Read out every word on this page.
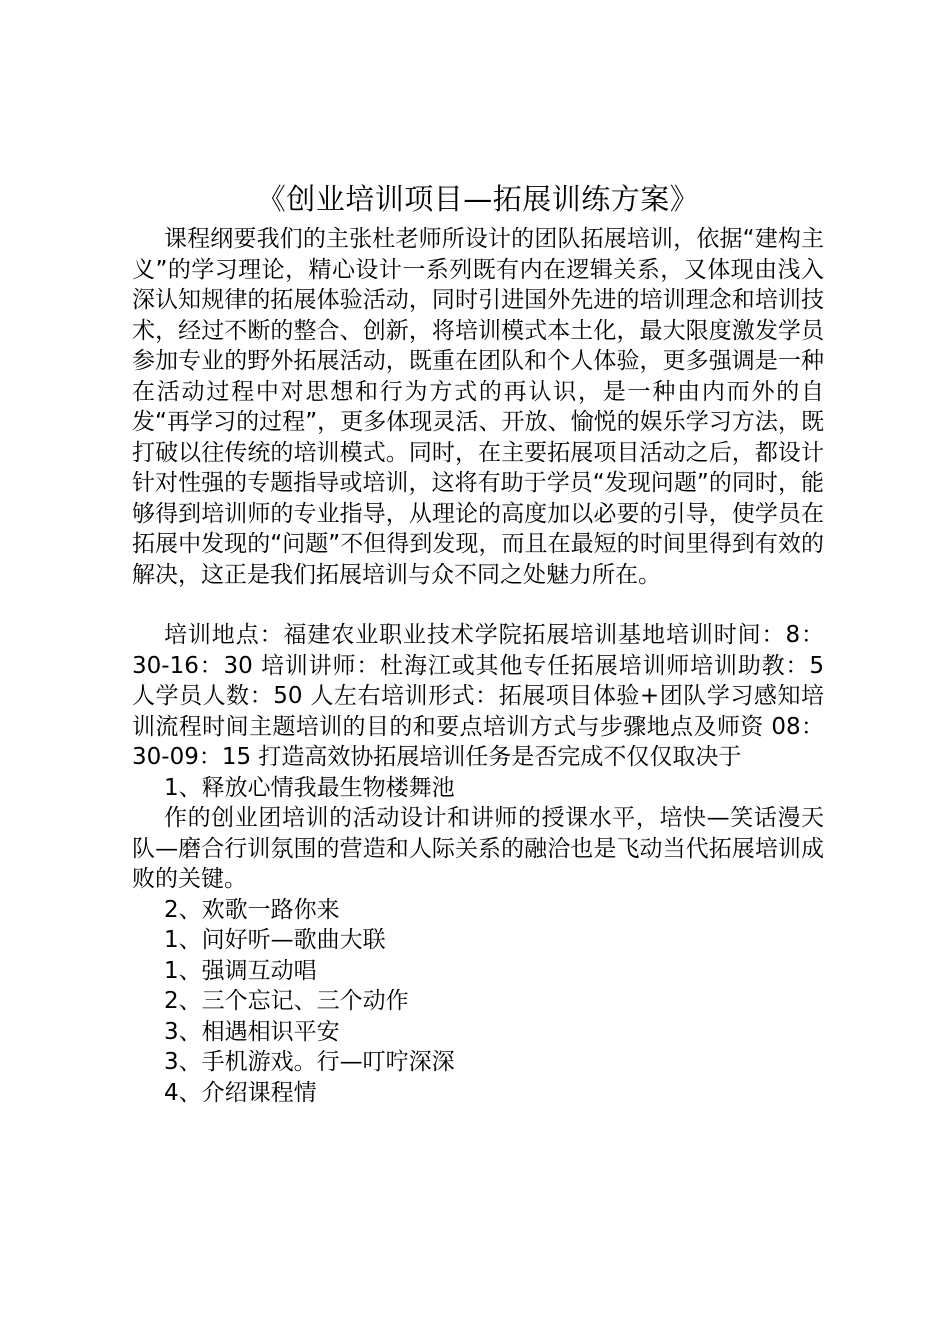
《创业培训项目—拓展训练方案》

课程纲要我们的主张杜老师所设计的团队拓展培训，依据“建构主义”的学习理论，精心设计一系列既有内在逻辑关系，又体现由浅入深认知规律的拓展体验活动，同时引进国外先进的培训理念和培训技术，经过不断的整合、创新，将培训模式本土化，最大限度激发学员参加专业的野外拓展活动，既重在团队和个人体验，更多强调是一种在活动过程中对思想和行为方式的再认识，是一种由内而外的自发“再学习的过程”，更多体现灵活、开放、愉悦的娱乐学习方法，既打破以往传统的培训模式。同时，在主要拓展项目活动之后，都设计针对性强的专题指导或培训，这将有助于学员“发现问题”的同时，能够得到培训师的专业指导，从理论的高度加以必要的引导，使学员在拓展中发现的“问题”不但得到发现，而且在最短的时间里得到有效的解决，这正是我们拓展培训与众不同之处魅力所在。

培训地点：福建农业职业技术学院拓展培训基地培训时间：8：30-16：30 培训讲师：杜海江或其他专任拓展培训师培训助教：5 人学员人数：50 人左右培训形式：拓展项目体验+团队学习感知培训流程时间主题培训的目的和要点培训方式与步骤地点及师资 08：30-09：15 打造高效协拓展培训任务是否完成不仅仅取决于

1、释放心情我最生物楼舞池

作的创业团培训的活动设计和讲师的授课水平，培快—笑话漫天队—磨合行训氛围的营造和人际关系的融洽也是飞动当代拓展培训成败的关键。

2、欢歌一路你来

1、问好听—歌曲大联

1、强调互动唱

2、三个忘记、三个动作

3、相遇相识平安

3、手机游戏。行—叮咛深深

4、介绍课程情
